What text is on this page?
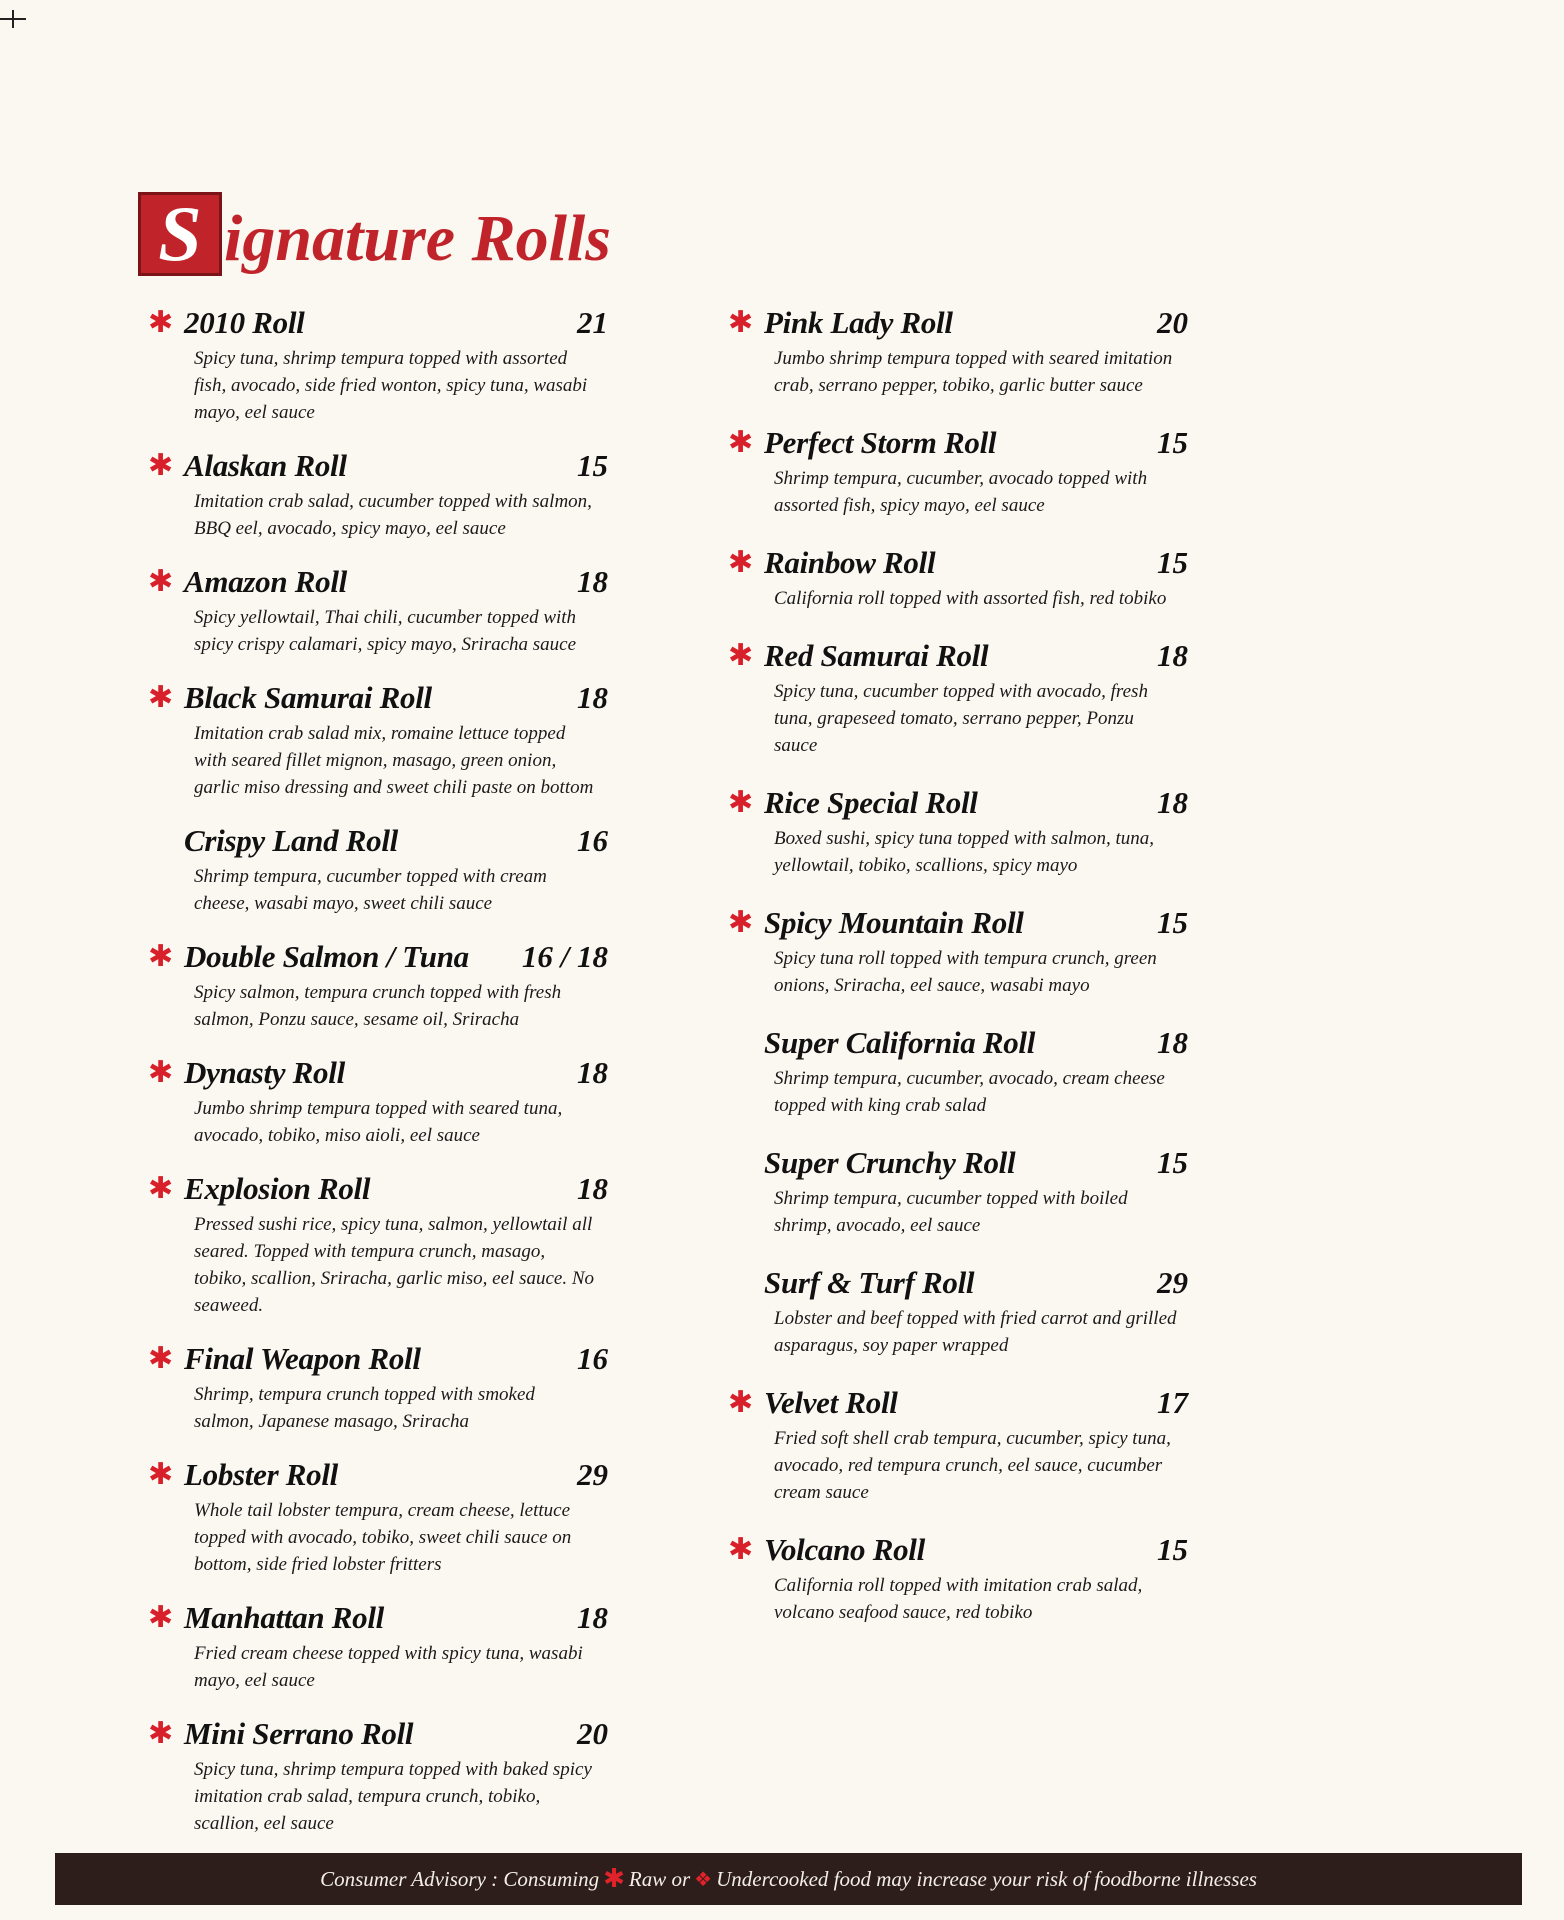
S ignature Rolls
✱ 2010 Roll	21
Spicy tuna, shrimp tempura topped with assorted fish, avocado, side fried wonton, spicy tuna, wasabi mayo, eel sauce
✱ Alaskan Roll	15
Imitation crab salad, cucumber topped with salmon, BBQ eel, avocado, spicy mayo, eel sauce
✱ Amazon Roll	18
Spicy yellowtail, Thai chili, cucumber topped with spicy crispy calamari, spicy mayo, Sriracha sauce
✱ Black Samurai Roll	18
Imitation crab salad mix, romaine lettuce topped with seared fillet mignon, masago, green onion, garlic miso dressing and sweet chili paste on bottom
Crispy Land Roll	16
Shrimp tempura, cucumber topped with cream cheese, wasabi mayo, sweet chili sauce
✱ Double Salmon / Tuna 16 / 18
Spicy salmon, tempura crunch topped with fresh salmon, Ponzu sauce, sesame oil, Sriracha
✱ Dynasty Roll	18
Jumbo shrimp tempura topped with seared tuna, avocado, tobiko, miso aioli, eel sauce
✱ Explosion Roll	18
Pressed sushi rice, spicy tuna, salmon, yellowtail all seared. Topped with tempura crunch, masago, tobiko, scallion, Sriracha, garlic miso, eel sauce. No seaweed.
✱ Final Weapon Roll	16
Shrimp, tempura crunch topped with smoked salmon, Japanese masago, Sriracha
✱ Lobster Roll	29
Whole tail lobster tempura, cream cheese, lettuce topped with avocado, tobiko, sweet chili sauce on bottom, side fried lobster fritters
✱ Manhattan Roll	18
Fried cream cheese topped with spicy tuna, wasabi mayo, eel sauce
✱ Mini Serrano Roll	20
Spicy tuna, shrimp tempura topped with baked spicy imitation crab salad, tempura crunch, tobiko, scallion, eel sauce
✱ Pink Lady Roll	20
Jumbo shrimp tempura topped with seared imitation crab, serrano pepper, tobiko, garlic butter sauce
✱ Perfect Storm Roll	15
Shrimp tempura, cucumber, avocado topped with assorted fish, spicy mayo, eel sauce
✱ Rainbow Roll	15
California roll topped with assorted fish, red tobiko
✱ Red Samurai Roll	18
Spicy tuna, cucumber topped with avocado, fresh tuna, grapeseed tomato, serrano pepper, Ponzu sauce
✱ Rice Special Roll	18
Boxed sushi, spicy tuna topped with salmon, tuna, yellowtail, tobiko, scallions, spicy mayo
✱ Spicy Mountain Roll	15
Spicy tuna roll topped with tempura crunch, green onions, Sriracha, eel sauce, wasabi mayo
Super California Roll	18
Shrimp tempura, cucumber, avocado, cream cheese topped with king crab salad
Super Crunchy Roll	15
Shrimp tempura, cucumber topped with boiled shrimp, avocado, eel sauce
Surf & Turf Roll	29
Lobster and beef topped with fried carrot and grilled asparagus, soy paper wrapped
✱ Velvet Roll	17
Fried soft shell crab tempura, cucumber, spicy tuna, avocado, red tempura crunch, eel sauce, cucumber cream sauce
✱ Volcano Roll	15
California roll topped with imitation crab salad, volcano seafood sauce, red tobiko
Consumer Advisory : Consuming ✱ Raw or ❖ Undercooked food may increase your risk of foodborne illnesses
